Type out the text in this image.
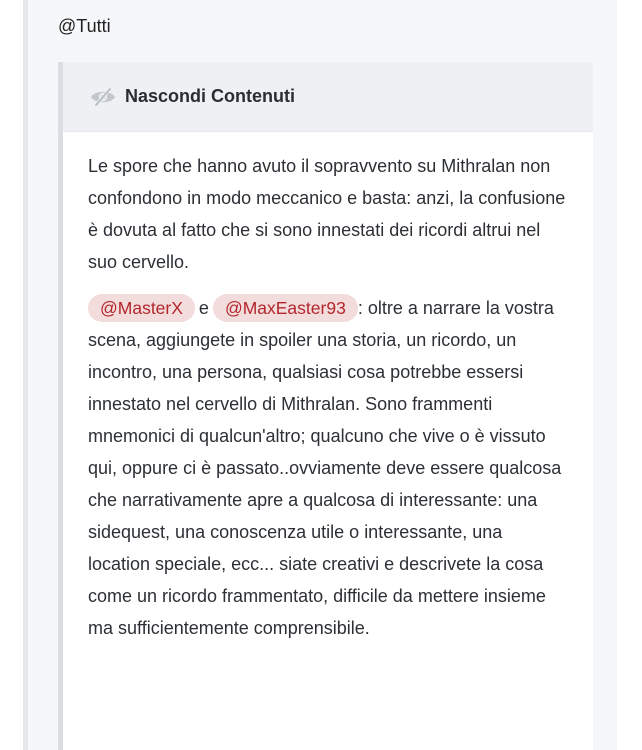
@Tutti
Nascondi Contenuti

Le spore che hanno avuto il sopravvento su Mithralan non confondono in modo meccanico e basta: anzi, la confusione è dovuta al fatto che si sono innestati dei ricordi altrui nel suo cervello.

@MasterX e @MaxEaster93 : oltre a narrare la vostra scena, aggiungete in spoiler una storia, un ricordo, un incontro, una persona, qualsiasi cosa potrebbe essersi innestato nel cervello di Mithralan. Sono frammenti mnemonici di qualcun'altro; qualcuno che vive o è vissuto qui, oppure ci è passato..ovviamente deve essere qualcosa che narrativamente apre a qualcosa di interessante: una sidequest, una conoscenza utile o interessante, una location speciale, ecc... siate creativi e descrivete la cosa come un ricordo frammentato, difficile da mettere insieme ma sufficientemente comprensibile.
